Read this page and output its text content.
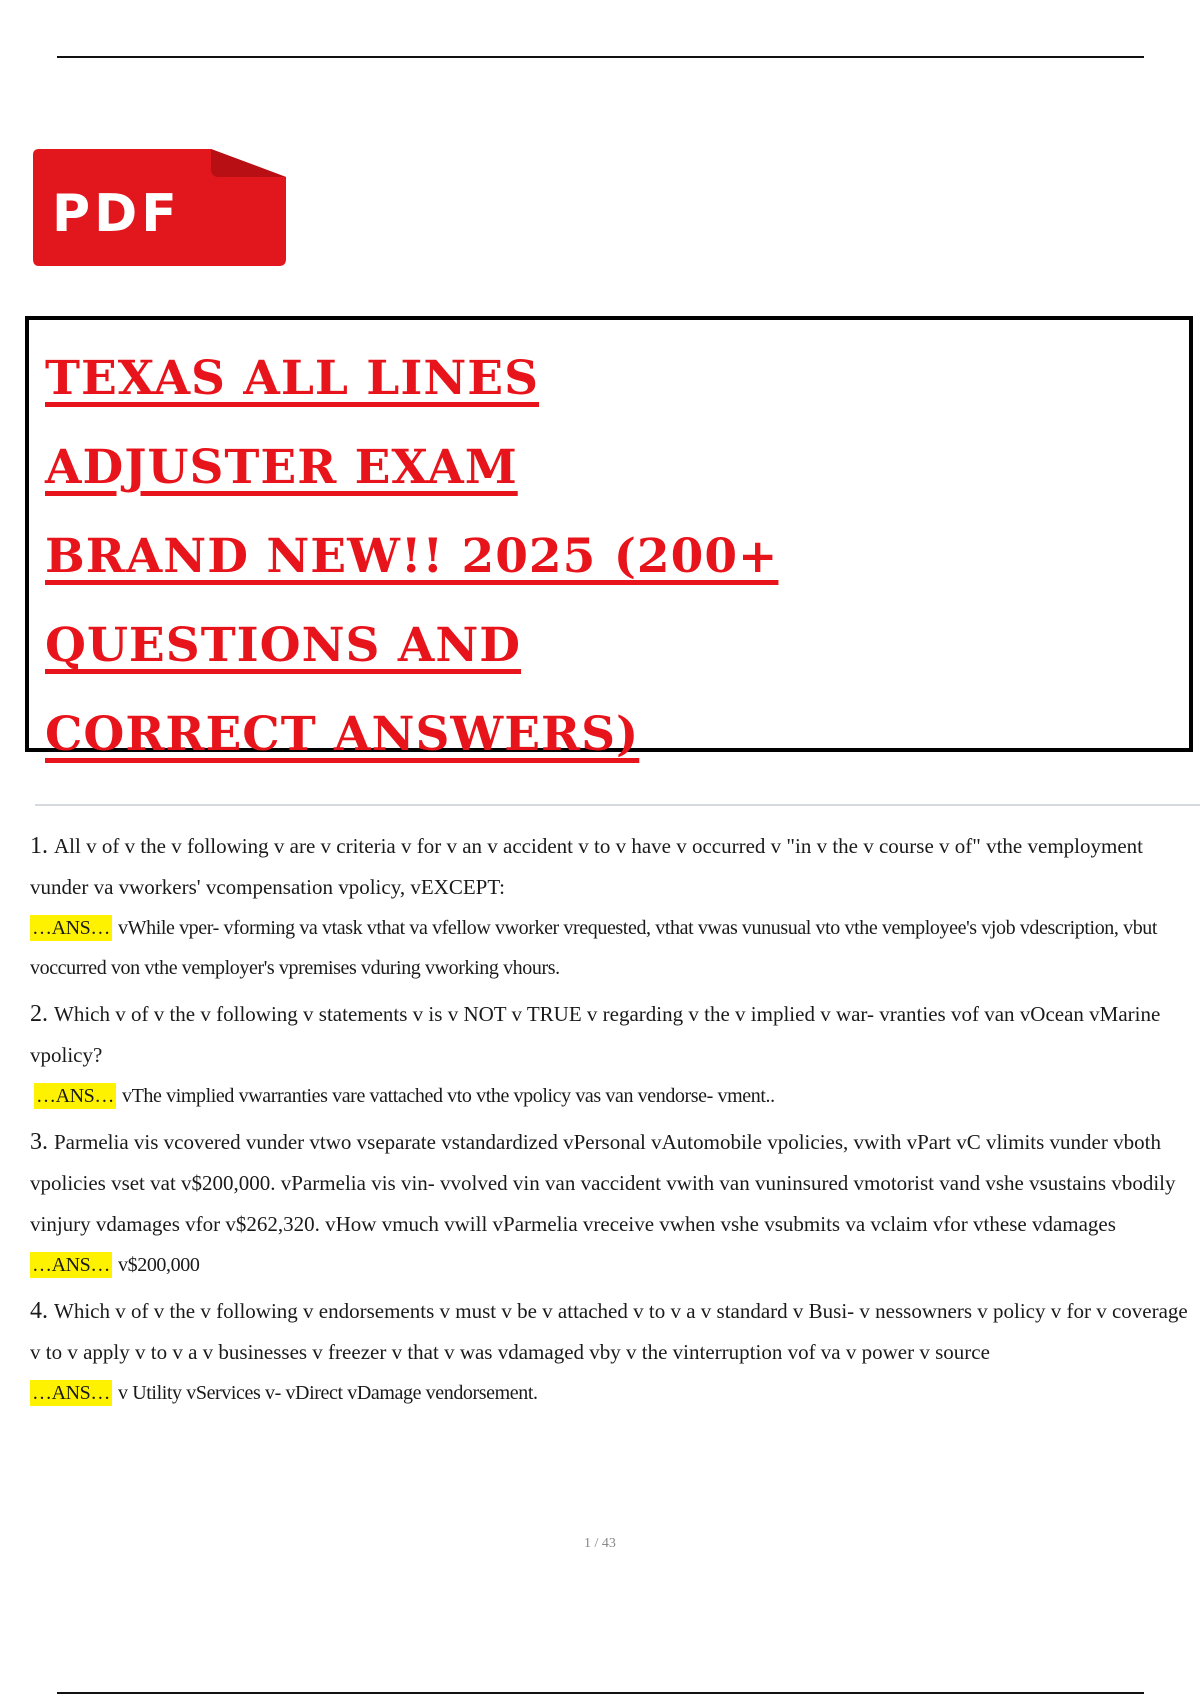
PDF
TEXAS ALL LINES
ADJUSTER EXAM
BRAND NEW!! 2025 (200+
QUESTIONS AND
CORRECT ANSWERS)

1. All v of v the v following v are v criteria v for v an v accident v to v have v occurred v "in v the v course v of" vthe vemployment vunder va vworkers' vcompensation vpolicy, vEXCEPT:

…ANS… vWhile vper- vforming va vtask vthat va vfellow vworker vrequested, vthat vwas vunusual vto vthe vemployee's vjob vdescription, vbut voccurred von vthe vemployer's vpremises vduring vworking vhours.

2. Which v of v the v following v statements v is v NOT v TRUE v regarding v the v implied v war- vranties vof van vOcean vMarine vpolicy?

…ANS… vThe vimplied vwarranties vare vattached vto vthe vpolicy vas van vendorse- vment..

3. Parmelia vis vcovered vunder vtwo vseparate vstandardized vPersonal vAutomobile vpolicies, vwith vPart vC vlimits vunder vboth vpolicies vset vat v$200,000. vParmelia vis vin- vvolved vin van vaccident vwith van vuninsured vmotorist vand vshe vsustains vbodily vinjury vdamages vfor v$262,320. vHow vmuch vwill vParmelia vreceive vwhen vshe vsubmits va vclaim vfor vthese vdamages

…ANS… v$200,000

4. Which v of v the v following v endorsements v must v be v attached v to v a v standard v Busi- v nessowners v policy v for v coverage v to v apply v to v a v businesses v freezer v that v was vdamaged vby v the vinterruption vof va v power v source

…ANS… v Utility vServices v- vDirect vDamage vendorsement.

1 / 43
